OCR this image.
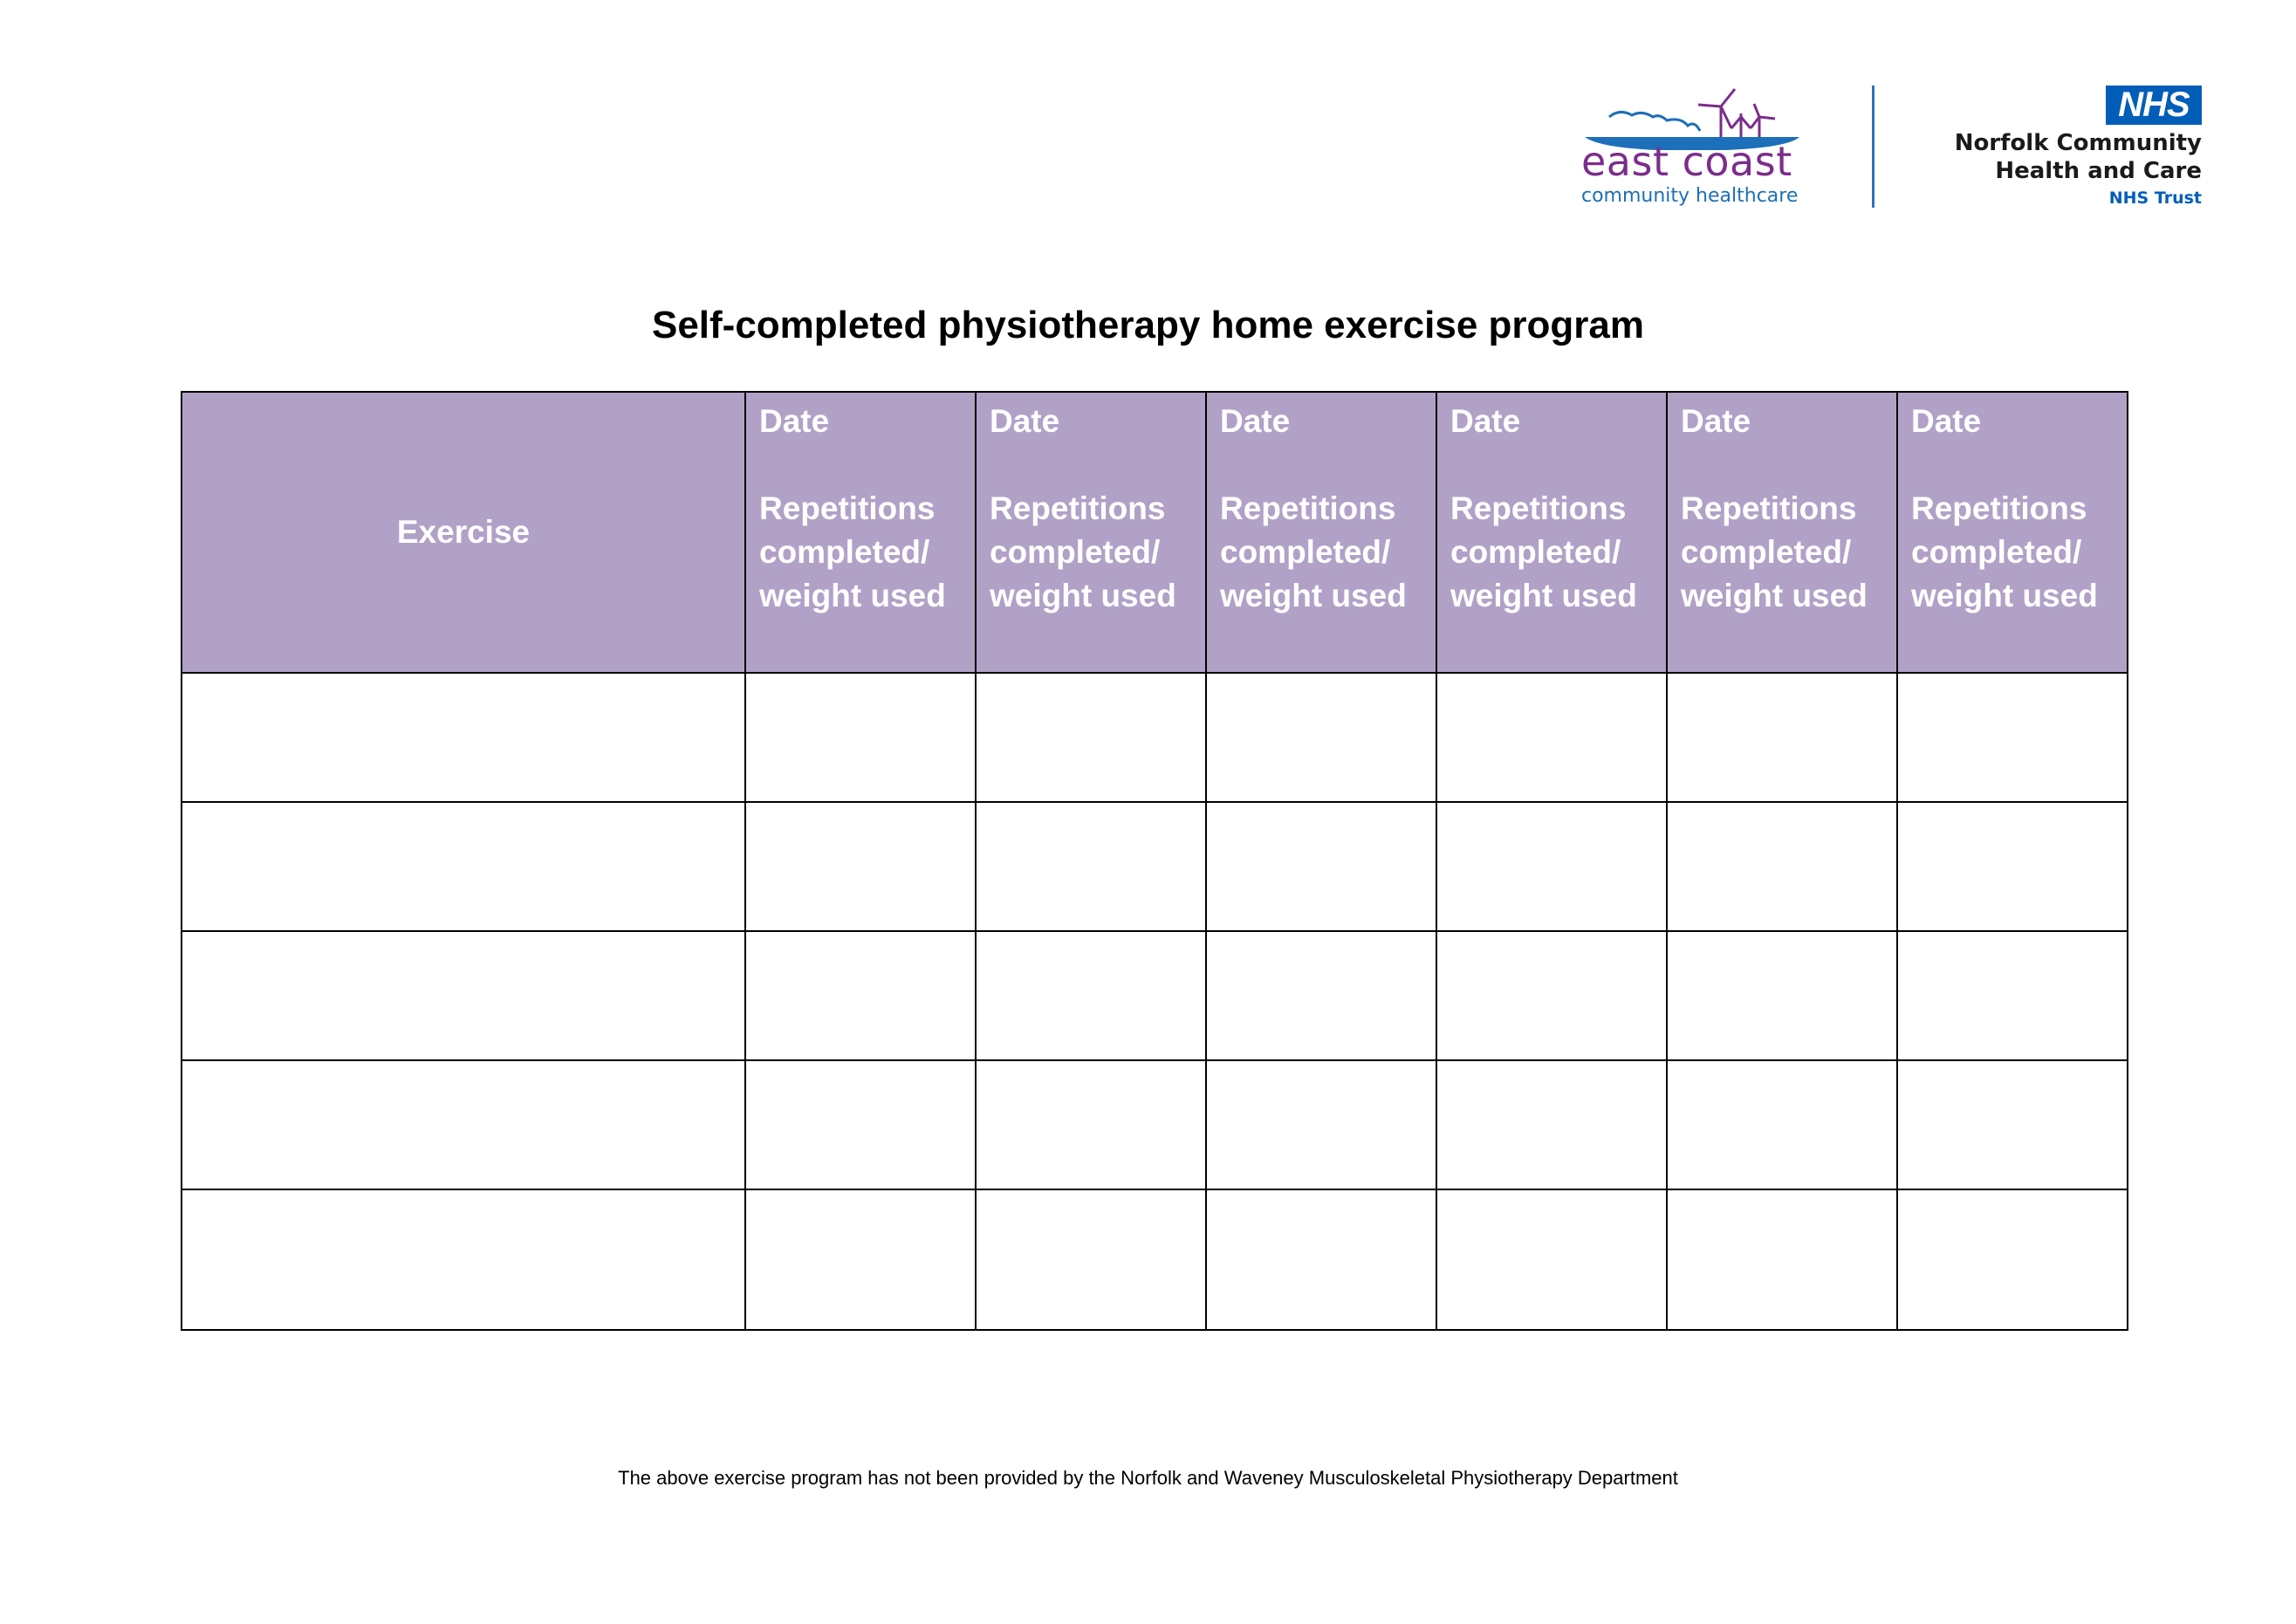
east coast
community healthcare
NHS
Norfolk Community
Health and Care
NHS Trust
Self-completed physiotherapy home exercise program
Exercise	Date
Repetitions
completed/
weight used	Date
Repetitions
completed/
weight used	Date
Repetitions
completed/
weight used	Date
Repetitions
completed/
weight used	Date
Repetitions
completed/
weight used	Date
Repetitions
completed/
weight used

The above exercise program has not been provided by the Norfolk and Waveney Musculoskeletal Physiotherapy Department
